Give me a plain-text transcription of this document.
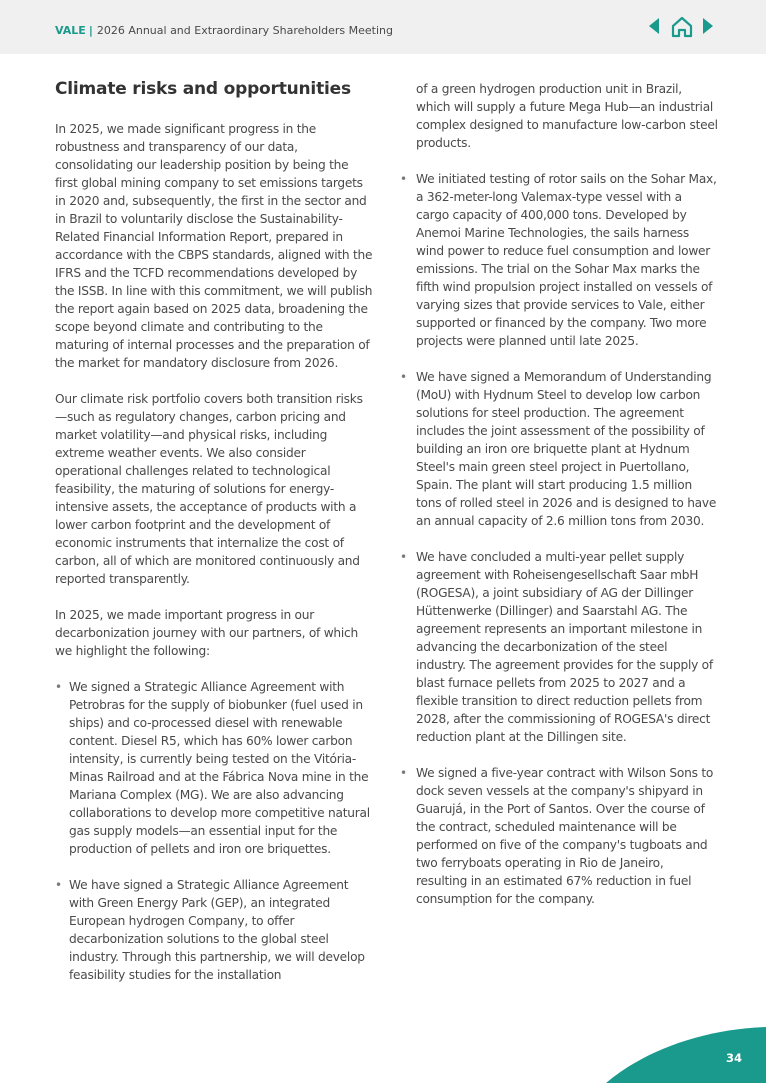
VALE | 2026 Annual and Extraordinary Shareholders Meeting
Climate risks and opportunities

In 2025, we made significant progress in the robustness and transparency of our data, consolidating our leadership position by being the first global mining company to set emissions targets in 2020 and, subsequently, the first in the sector and in Brazil to voluntarily disclose the Sustainability-Related Financial Information Report, prepared in accordance with the CBPS standards, aligned with the IFRS and the TCFD recommendations developed by the ISSB. In line with this commitment, we will publish the report again based on 2025 data, broadening the scope beyond climate and contributing to the maturing of internal processes and the preparation of the market for mandatory disclosure from 2026.

Our climate risk portfolio covers both transition risks—such as regulatory changes, carbon pricing and market volatility—and physical risks, including extreme weather events. We also consider operational challenges related to technological feasibility, the maturing of solutions for energy-intensive assets, the acceptance of products with a lower carbon footprint and the development of economic instruments that internalize the cost of carbon, all of which are monitored continuously and reported transparently.

In 2025, we made important progress in our decarbonization journey with our partners, of which we highlight the following:

• We signed a Strategic Alliance Agreement with Petrobras for the supply of biobunker (fuel used in ships) and co-processed diesel with renewable content. Diesel R5, which has 60% lower carbon intensity, is currently being tested on the Vitória-Minas Railroad and at the Fábrica Nova mine in the Mariana Complex (MG). We are also advancing collaborations to develop more competitive natural gas supply models—an essential input for the production of pellets and iron ore briquettes.
• We have signed a Strategic Alliance Agreement with Green Energy Park (GEP), an integrated European hydrogen Company, to offer decarbonization solutions to the global steel industry. Through this partnership, we will develop feasibility studies for the installation
of a green hydrogen production unit in Brazil, which will supply a future Mega Hub—an industrial complex designed to manufacture low-carbon steel products.
• We initiated testing of rotor sails on the Sohar Max, a 362-meter-long Valemax-type vessel with a cargo capacity of 400,000 tons. Developed by Anemoi Marine Technologies, the sails harness wind power to reduce fuel consumption and lower emissions. The trial on the Sohar Max marks the fifth wind propulsion project installed on vessels of varying sizes that provide services to Vale, either supported or financed by the company. Two more projects were planned until late 2025.
• We have signed a Memorandum of Understanding (MoU) with Hydnum Steel to develop low carbon solutions for steel production. The agreement includes the joint assessment of the possibility of building an iron ore briquette plant at Hydnum Steel's main green steel project in Puertollano, Spain. The plant will start producing 1.5 million tons of rolled steel in 2026 and is designed to have an annual capacity of 2.6 million tons from 2030.
• We have concluded a multi-year pellet supply agreement with Roheisengesellschaft Saar mbH (ROGESA), a joint subsidiary of AG der Dillinger Hüttenwerke (Dillinger) and Saarstahl AG. The agreement represents an important milestone in advancing the decarbonization of the steel industry. The agreement provides for the supply of blast furnace pellets from 2025 to 2027 and a flexible transition to direct reduction pellets from 2028, after the commissioning of ROGESA's direct reduction plant at the Dillingen site.
• We signed a five-year contract with Wilson Sons to dock seven vessels at the company's shipyard in Guarujá, in the Port of Santos. Over the course of the contract, scheduled maintenance will be performed on five of the company's tugboats and two ferryboats operating in Rio de Janeiro, resulting in an estimated 67% reduction in fuel consumption for the company.
34
